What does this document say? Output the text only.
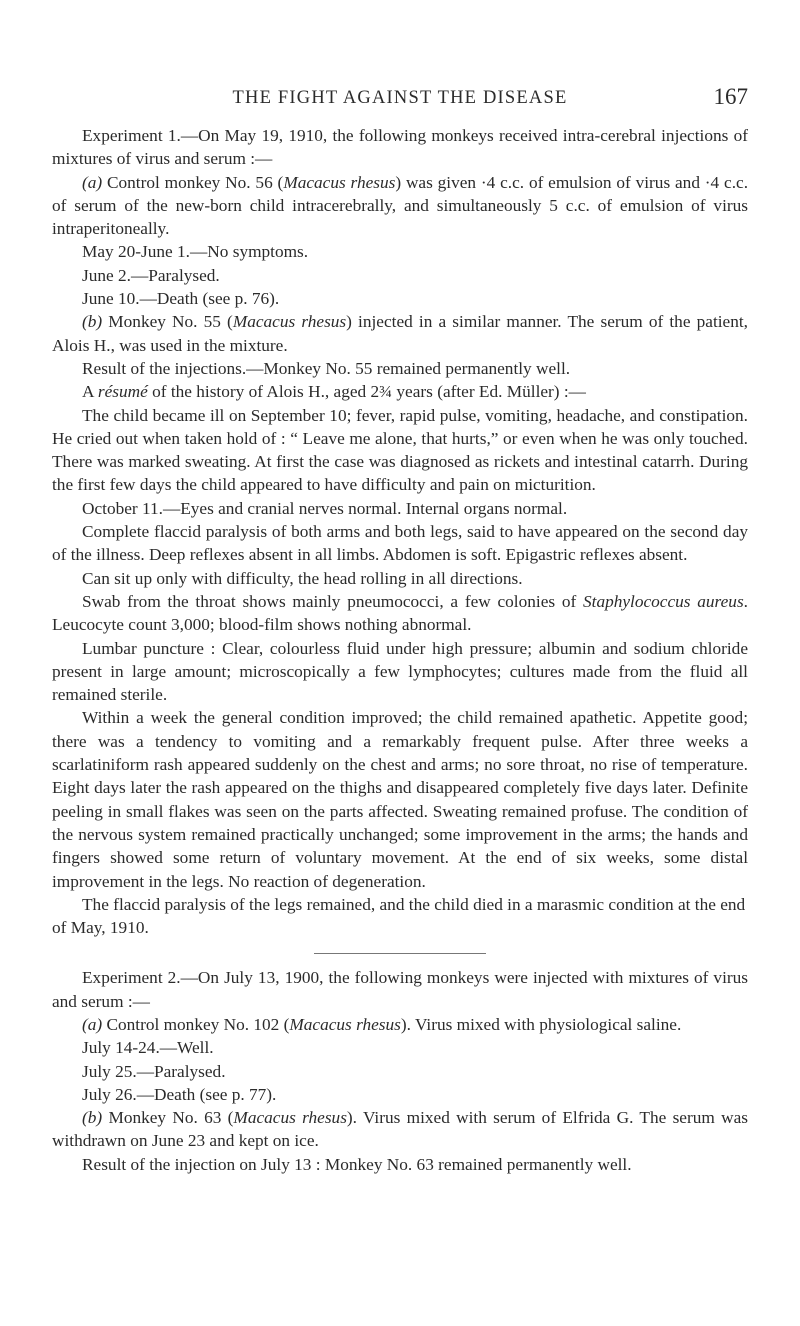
THE FIGHT AGAINST THE DISEASE	167

Experiment 1.—On May 19, 1910, the following monkeys received intra-cerebral injections of mixtures of virus and serum :—

(a) Control monkey No. 56 (Macacus rhesus) was given ·4 c.c. of emulsion of virus and ·4 c.c. of serum of the new-born child intracerebrally, and simultaneously 5 c.c. of emulsion of virus intraperitoneally.

May 20-June 1.—No symptoms.

June 2.—Paralysed.

June 10.—Death (see p. 76).

(b) Monkey No. 55 (Macacus rhesus) injected in a similar manner. The serum of the patient, Alois H., was used in the mixture.

Result of the injections.—Monkey No. 55 remained permanently well.

A résumé of the history of Alois H., aged 2¾ years (after Ed. Müller) :—

The child became ill on September 10; fever, rapid pulse, vomiting, headache, and constipation. He cried out when taken hold of : “ Leave me alone, that hurts,” or even when he was only touched. There was marked sweating. At first the case was diagnosed as rickets and intestinal catarrh. During the first few days the child appeared to have difficulty and pain on micturition.

October 11.—Eyes and cranial nerves normal. Internal organs normal.

Complete flaccid paralysis of both arms and both legs, said to have appeared on the second day of the illness. Deep reflexes absent in all limbs. Abdomen is soft. Epigastric reflexes absent.

Can sit up only with difficulty, the head rolling in all directions.

Swab from the throat shows mainly pneumococci, a few colonies of Staphylococcus aureus. Leucocyte count 3,000; blood-film shows nothing abnormal.

Lumbar puncture : Clear, colourless fluid under high pressure; albumin and sodium chloride present in large amount; microscopically a few lymphocytes; cultures made from the fluid all remained sterile.

Within a week the general condition improved; the child remained apathetic. Appetite good; there was a tendency to vomiting and a remarkably frequent pulse. After three weeks a scarlatiniform rash appeared suddenly on the chest and arms; no sore throat, no rise of temperature. Eight days later the rash appeared on the thighs and disappeared completely five days later. Definite peeling in small flakes was seen on the parts affected. Sweating remained profuse. The condition of the nervous system remained practically unchanged; some improvement in the arms; the hands and fingers showed some return of voluntary movement. At the end of six weeks, some distal improvement in the legs. No reaction of degeneration.

The flaccid paralysis of the legs remained, and the child died in a marasmic condition at the end of May, 1910.

Experiment 2.—On July 13, 1900, the following monkeys were injected with mixtures of virus and serum :—

(a) Control monkey No. 102 (Macacus rhesus). Virus mixed with physiological saline.

July 14-24.—Well.

July 25.—Paralysed.

July 26.—Death (see p. 77).

(b) Monkey No. 63 (Macacus rhesus). Virus mixed with serum of Elfrida G. The serum was withdrawn on June 23 and kept on ice.

Result of the injection on July 13 : Monkey No. 63 remained permanently well.
